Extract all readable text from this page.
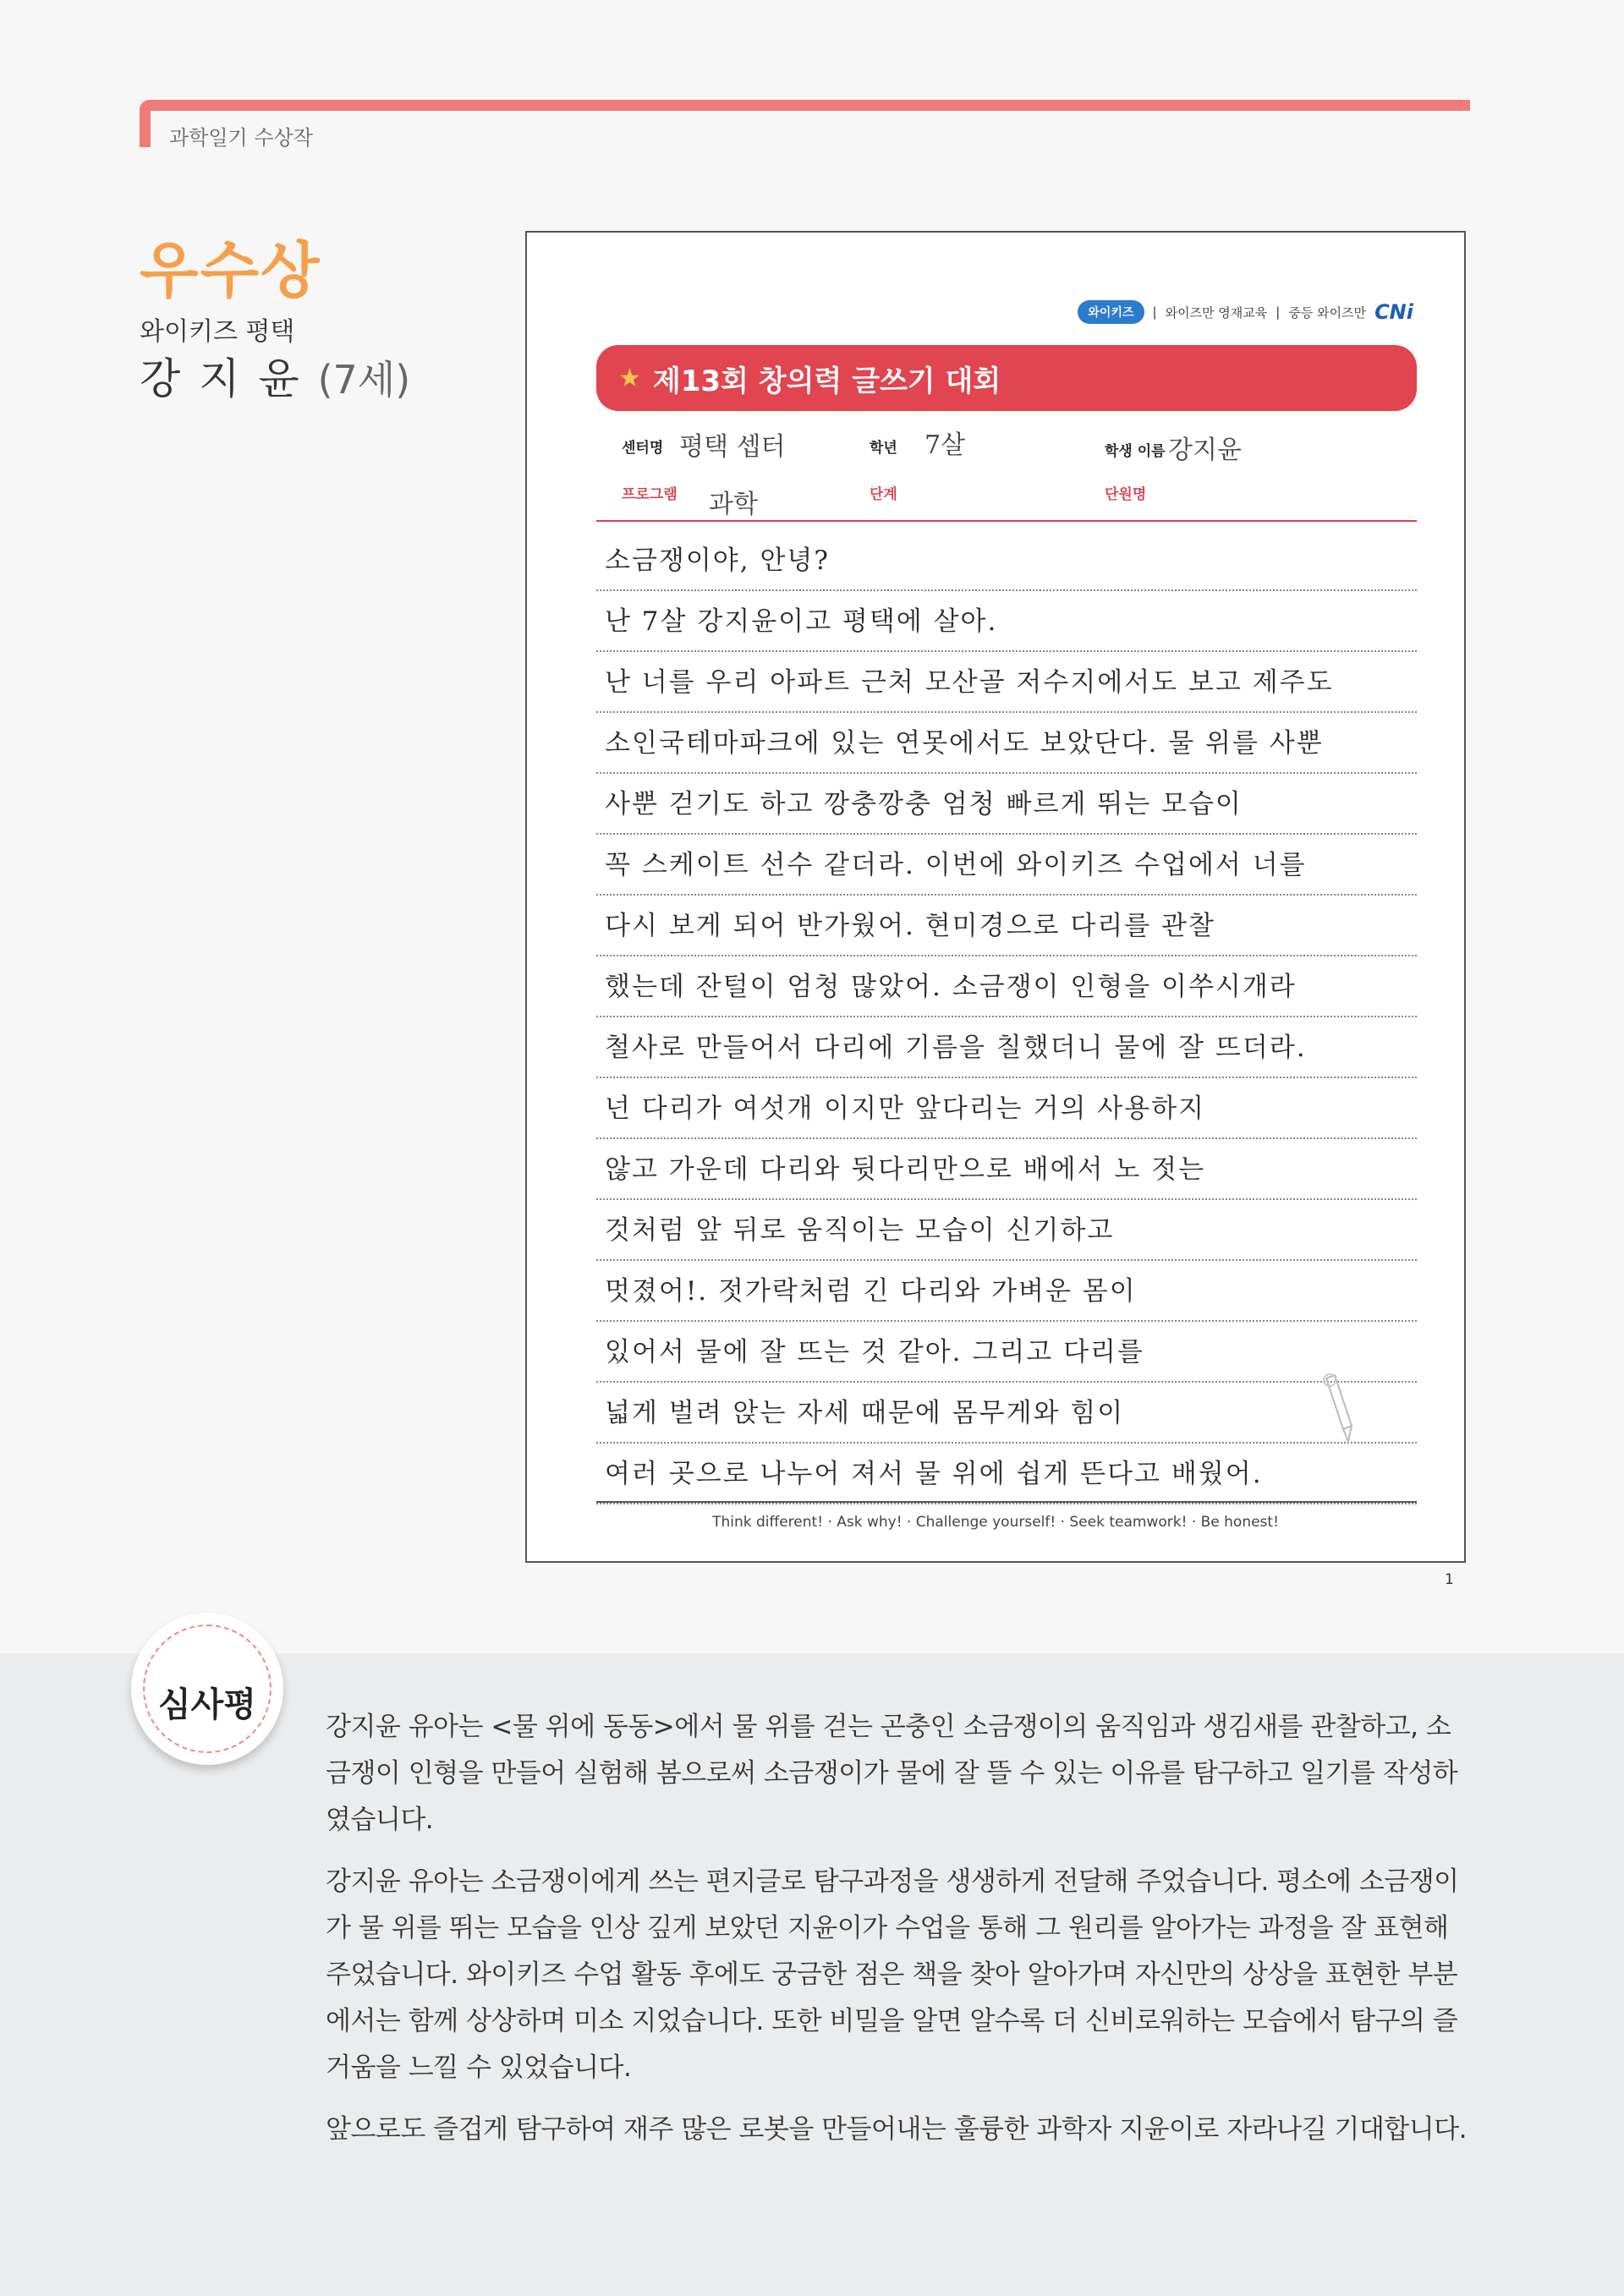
과학일기 수상작
우수상
와이키즈 평택
강 지 윤 (7세)
와이키즈	| 와이즈만 영재교육 | 중등 와이즈만 CNi
★ 제13회 창의력 글쓰기 대회
센터명 평택 셉터	학년 7살	학생 이름 강지윤
프로그램 과학	단계	단원명
소금쟁이야, 안녕?
난 7살 강지윤이고 평택에 살아.
난 너를 우리 아파트 근처 모산골 저수지에서도 보고 제주도
소인국테마파크에 있는 연못에서도 보았단다. 물 위를 사뿐
사뿐 걷기도 하고 깡충깡충 엄청 빠르게 뛰는 모습이
꼭 스케이트 선수 같더라. 이번에 와이키즈 수업에서 너를
다시 보게 되어 반가웠어. 현미경으로 다리를 관찰
했는데 잔털이 엄청 많았어. 소금쟁이 인형을 이쑤시개라
철사로 만들어서 다리에 기름을 칠했더니 물에 잘 뜨더라.
넌 다리가 여섯개 이지만 앞다리는 거의 사용하지
않고 가운데 다리와 뒷다리만으로 배에서 노 젓는
것처럼 앞 뒤로 움직이는 모습이 신기하고
멋졌어!. 젓가락처럼 긴 다리와 가벼운 몸이
있어서 물에 잘 뜨는 것 같아. 그리고 다리를
넓게 벌려 앉는 자세 때문에 몸무게와 힘이
여러 곳으로 나누어 져서 물 위에 쉽게 뜬다고 배웠어.
Think different! · Ask why! · Challenge yourself! · Seek teamwork! · Be honest!
1
심사평

강지윤 유아는 <물 위에 동동>에서 물 위를 걷는 곤충인 소금쟁이의 움직임과 생김새를 관찰하고, 소금쟁이 인형을 만들어 실험해 봄으로써 소금쟁이가 물에 잘 뜰 수 있는 이유를 탐구하고 일기를 작성하였습니다.

강지윤 유아는 소금쟁이에게 쓰는 편지글로 탐구과정을 생생하게 전달해 주었습니다. 평소에 소금쟁이가 물 위를 뛰는 모습을 인상 깊게 보았던 지윤이가 수업을 통해 그 원리를 알아가는 과정을 잘 표현해 주었습니다. 와이키즈 수업 활동 후에도 궁금한 점은 책을 찾아 알아가며 자신만의 상상을 표현한 부분에서는 함께 상상하며 미소 지었습니다. 또한 비밀을 알면 알수록 더 신비로워하는 모습에서 탐구의 즐거움을 느낄 수 있었습니다.

앞으로도 즐겁게 탐구하여 재주 많은 로봇을 만들어내는 훌륭한 과학자 지윤이로 자라나길 기대합니다.
